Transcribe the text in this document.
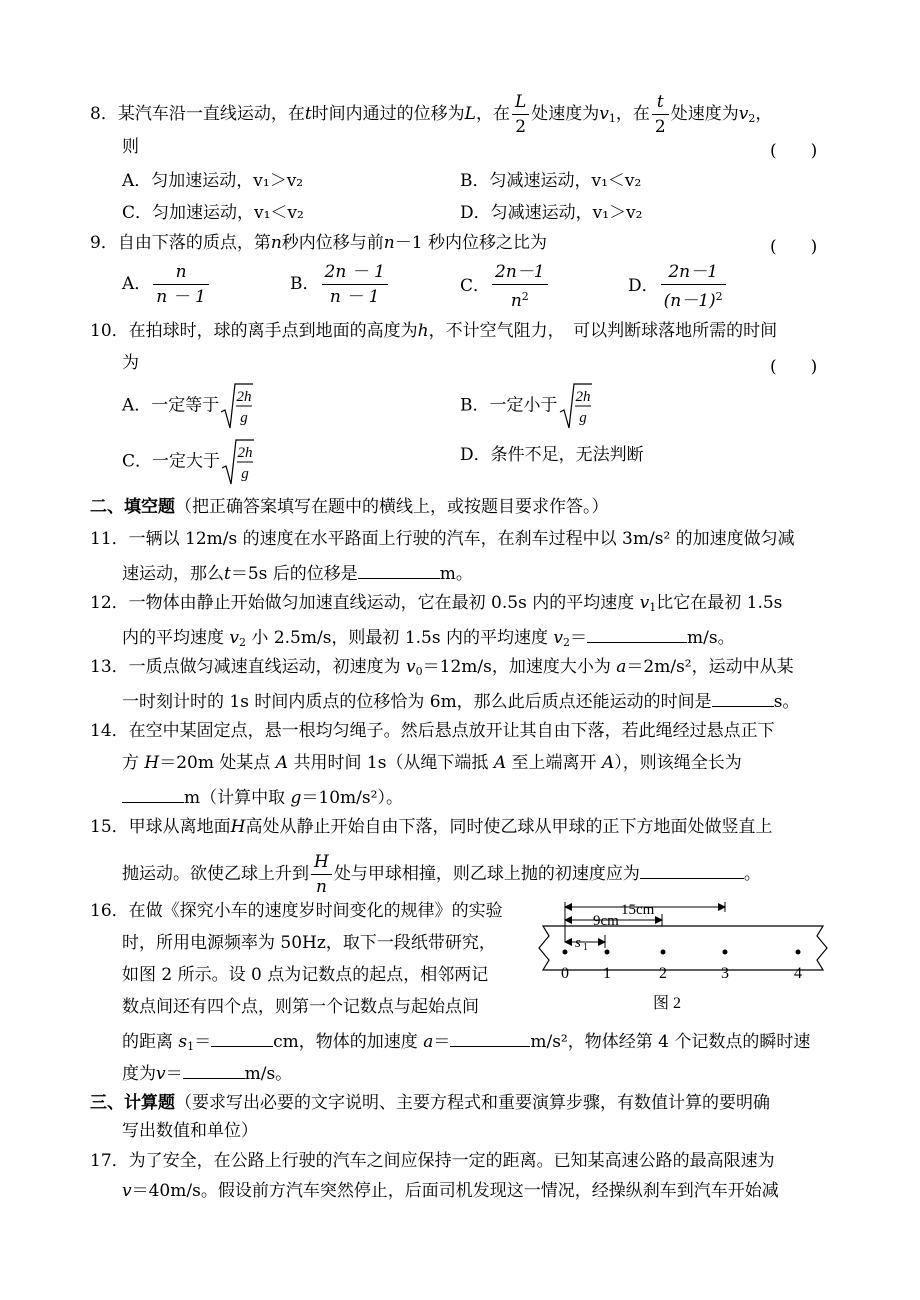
8．某汽车沿一直线运动，在t时间内通过的位移为L，在 $\frac{L}{2}$ 处速度为$v_1$，在 $\frac{t}{2}$ 处速度为$v_2$，
则	(　　)
A．匀加速运动，v₁＞v₂	B．匀减速运动，v₁＜v₂
C．匀加速运动，v₁＜v₂	D．匀减速运动，v₁＞v₂
9．自由下落的质点，第n秒内位移与前n－1 秒内位移之比为	(　　)
A． $\frac{n}{n - 1}$	B． $\frac{2n - 1}{n - 1}$	C． $\frac{2n-1}{n^2}$	D． $\frac{2n-1}{(n-1)^2}$
10．在拍球时，球的离手点到地面的高度为h，不计空气阻力，　可以判断球落地所需的时间
为	(　　)
A．一定等于 2h
g
B．一定小于 2h
g
C．一定大于 2h
g
D．条件不足，无法判断
二、填空题（把正确答案填写在题中的横线上，或按题目要求作答。）
11．一辆以 12m/s 的速度在水平路面上行驶的汽车，在刹车过程中以 3m/s² 的加速度做匀减
速运动，那么t＝5s 后的位移是	m。
12．一物体由静止开始做匀加速直线运动，它在最初 0.5s 内的平均速度 $v_1$比它在最初 1.5s
内的平均速度 $v_2$ 小 2.5m/s，则最初 1.5s 内的平均速度 $v_2=$	m/s。
13．一质点做匀减速直线运动，初速度为 $v_0=12m/s$，加速度大小为 a＝2m/s²，运动中从某
一时刻计时的 1s 时间内质点的位移恰为 6m，那么此后质点还能运动的时间是	s。
14．在空中某固定点，悬一根均匀绳子。然后悬点放开让其自由下落，若此绳经过悬点正下
方 H＝20m 处某点 A 共用时间 1s（从绳下端抵 A 至上端离开 A），则该绳全长为
m（计算中取 g＝10m/s²）。
15．甲球从离地面H高处从静止开始自由下落，同时使乙球从甲球的正下方地面处做竖直上
抛运动。欲使乙球上升到 $\frac{H}{n}$ 处与甲球相撞，则乙球上抛的初速度应为	。
16．在做《探究小车的速度岁时间变化的规律》的实验
时，所用电源频率为 50Hz，取下一段纸带研究，
如图 2 所示。设 0 点为记数点的起点，相邻两记
数点间还有四个点，则第一个记数点与起始点间
的距离 $s_1=$	cm，物体的加速度 a＝	m/s²，物体经第 4 个记数点的瞬时速
度为v＝	m/s。
15cm
9cm
s 1
0 1	2	3	4
图 2
三、计算题（要求写出必要的文字说明、主要方程式和重要演算步骤，有数值计算的要明确
写出数值和单位）
17．为了安全，在公路上行驶的汽车之间应保持一定的距离。已知某高速公路的最高限速为
v＝40m/s。假设前方汽车突然停止，后面司机发现这一情况，经操纵刹车到汽车开始减
